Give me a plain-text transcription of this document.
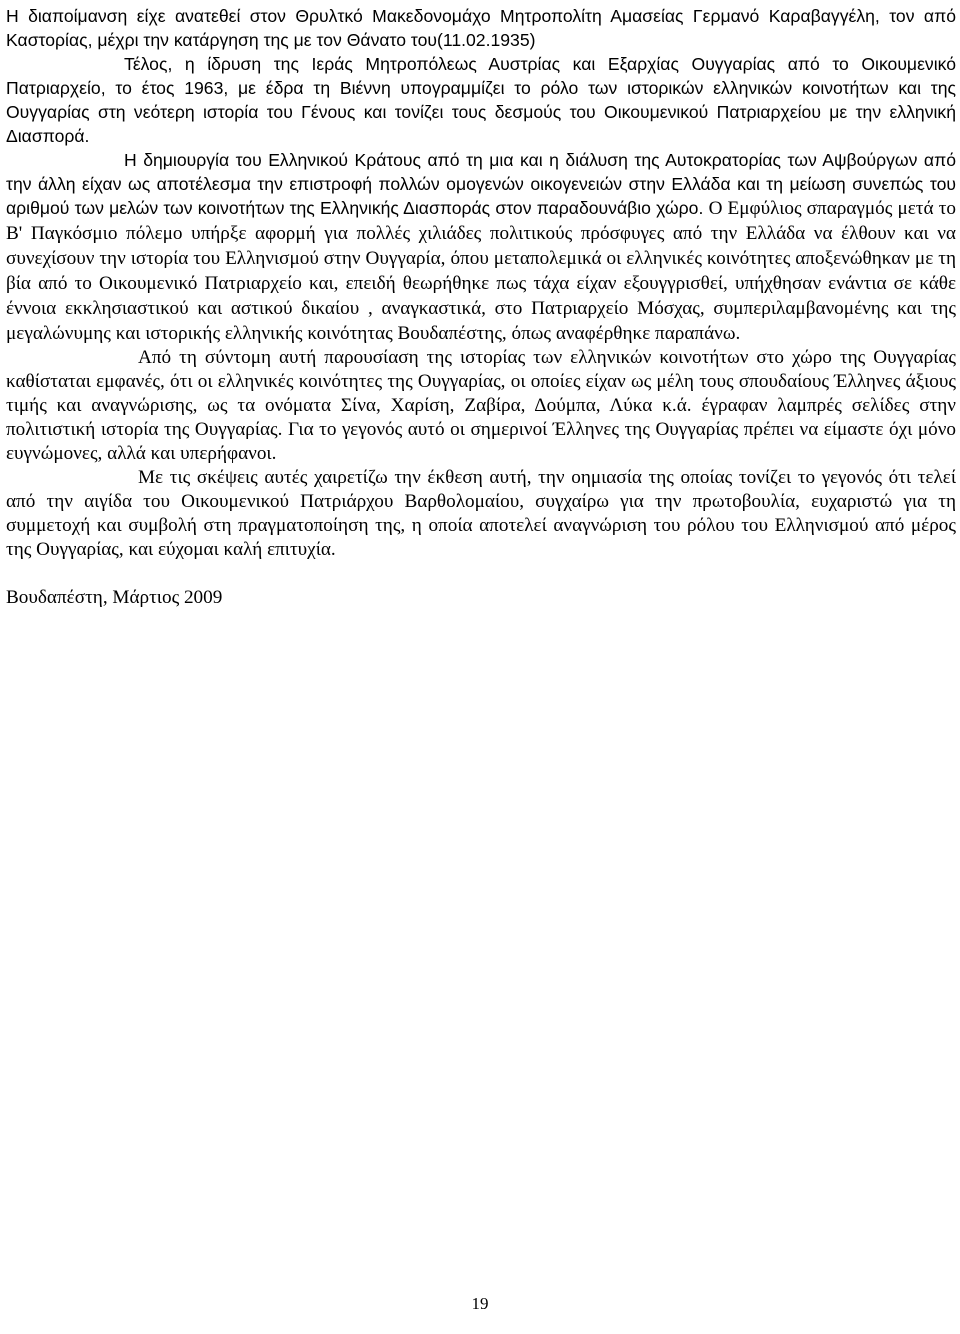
Η διαποίμανση είχε ανατεθεί στον Θρυλτκό Μακεδονομάχο Μητροπολίτη Αμασείας Γερμανό Καραβαγγέλη, τον από Καστορίας, μέχρι την κατάργηση της με τον Θάνατο του(11.02.1935)

Τέλος, η ίδρυση της Ιεράς Μητροπόλεως Αυστρίας και Εξαρχίας Ουγγαρίας από το Οικουμενικό Πατριαρχείο, το έτος 1963, με έδρα τη Βιέννη υπογραμμίζει το ρόλο των ιστορικών ελληνικών κοινοτήτων και της Ουγγαρίας στη νεότερη ιστορία του Γένους και τονίζει τους δεσμούς του Οικουμενικού Πατριαρχείου με την ελληνική Διασπορά.

Η δημιουργία του Ελληνικού Κράτους από τη μια και η διάλυση της Αυτοκρατορίας των Αψβούργων από την άλλη είχαν ως αποτέλεσμα την επιστροφή πολλών ομογενών οικογενειών στην Ελλάδα και τη μείωση συνεπώς του αριθμού των μελών των κοινοτήτων της Ελληνικής Διασποράς στον παραδουνάβιο χώρο. Ο Εμφύλιος σπαραγμός μετά το Β' Παγκόσμιο πόλεμο υπήρξε αφορμή για πολλές χιλιάδες πολιτικούς πρόσφυγες από την Ελλάδα να έλθουν και να συνεχίσουν την ιστορία του Ελληνισμού στην Ουγγαρία, όπου μεταπολεμικά οι ελληνικές κοινότητες αποξενώθηκαν με τη βία από το Οικουμενικό Πατριαρχείο και, επειδή θεωρήθηκε πως τάχα είχαν εξουγγρισθεί, υπήχθησαν ενάντια σε κάθε έννοια εκκλησιαστικού και αστικού δικαίου , αναγκαστικά, στο Πατριαρχείο Μόσχας, συμπεριλαμβανομένης και της μεγαλώνυμης και ιστορικής ελληνικής κοινότητας Βουδαπέστης, όπως αναφέρθηκε παραπάνω.

Από τη σύντομη αυτή παρουσίαση της ιστορίας των ελληνικών κοινοτήτων στο χώρο της Ουγγαρίας καθίσταται εμφανές, ότι οι ελληνικές κοινότητες της Ουγγαρίας, οι οποίες είχαν ως μέλη τους σπουδαίους Έλληνες άξιους τιμής και αναγνώρισης, ως τα ονόματα Σίνα, Χαρίση, Ζαβίρα, Δούμπα, Λύκα κ.ά. έγραφαν λαμπρές σελίδες στην πολιτιστική ιστορία της Ουγγαρίας. Για το γεγονός αυτό οι σημερινοί Έλληνες της Ουγγαρίας πρέπει να είμαστε όχι μόνο ευγνώμονες, αλλά και υπερήφανοι.

Με τις σκέψεις αυτές χαιρετίζω την έκθεση αυτή, την οημιασία της οποίας τονίζει το γεγονός ότι τελεί από την αιγίδα του Οικουμενικού Πατριάρχου Βαρθολομαίου, συγχαίρω για την πρωτοβουλία, ευχαριστώ για τη συμμετοχή και συμβολή στη πραγματοποίηση της, η οποία αποτελεί αναγνώριση του ρόλου του Ελληνισμού από μέρος της Ουγγαρίας, και εύχομαι καλή επιτυχία.

Βουδαπέστη, Μάρτιος 2009

19
